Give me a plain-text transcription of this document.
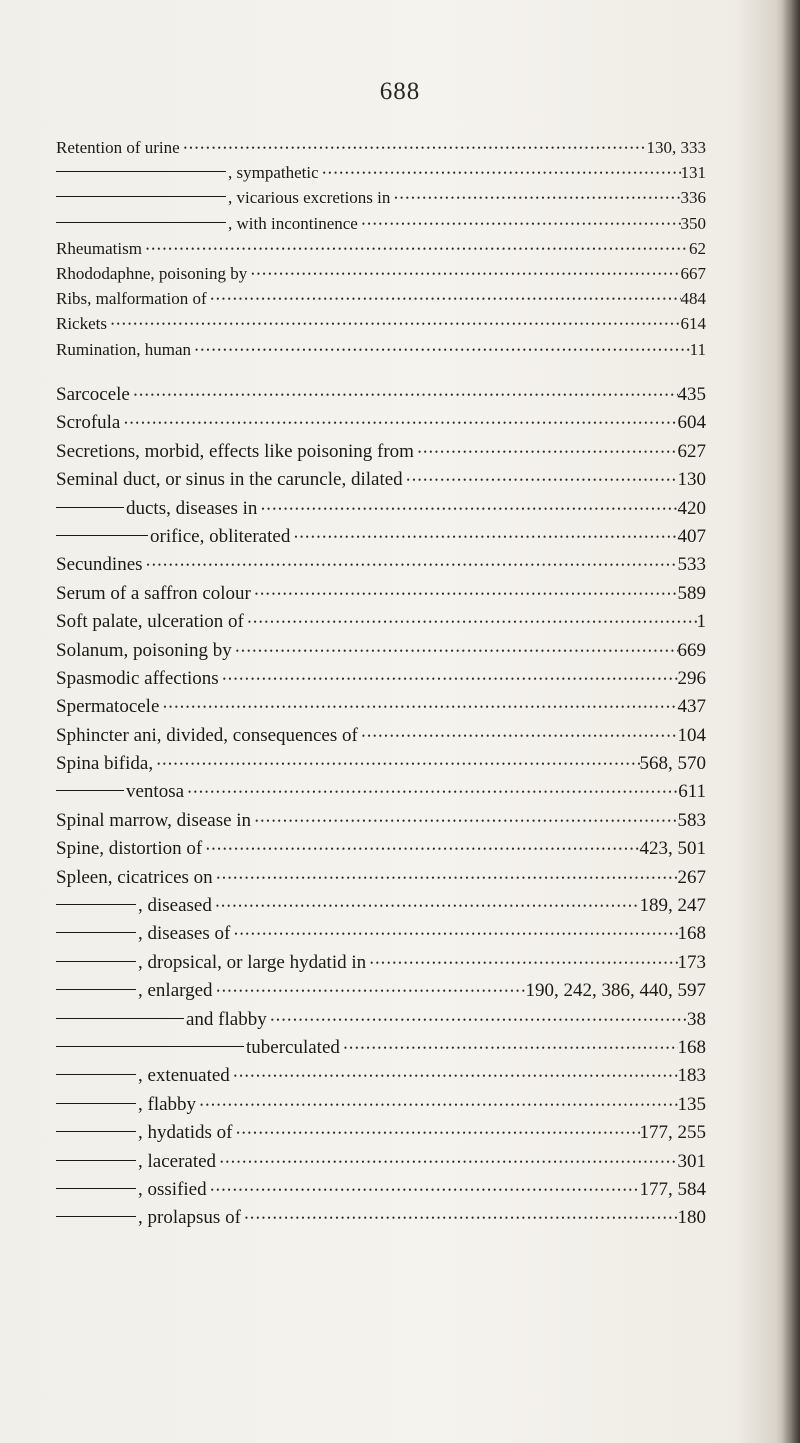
688
Retention of urine •••••	130, 333
, sympathetic •••••	131
, vicarious excretions in •••••	336
, with incontinence •••••	350
Rheumatism •••••	62
Rhododaphne, poisoning by •••••	667
Ribs, malformation of •••••	484
Rickets •••••	614
Rumination, human •••••	11
Sarcocele •••••	435
Scrofula •••••	604
Secretions, morbid, effects like poisoning from •••••	627
Seminal duct, or sinus in the caruncle, dilated •••••	130
ducts, diseases in •••••	420
orifice, obliterated •••••	407
Secundines •••••	533
Serum of a saffron colour •••••	589
Soft palate, ulceration of •••••	1
Solanum, poisoning by •••••	669
Spasmodic affections •••••	296
Spermatocele •••••	437
Sphincter ani, divided, consequences of •••••	104
Spina bifida, •••••	568, 570
ventosa •••••	611
Spinal marrow, disease in •••••	583
Spine, distortion of •••••	423, 501
Spleen, cicatrices on •••••	267
, diseased •••••	189, 247
, diseases of •••••	168
, dropsical, or large hydatid in •••••	173
, enlarged •••••	190, 242, 386, 440, 597
and flabby •••••	38
tuberculated •••••	168
, extenuated •••••	183
, flabby •••••	135
, hydatids of •••••	177, 255
, lacerated •••••	301
, ossified •••••	177, 584
, prolapsus of •••••	180
